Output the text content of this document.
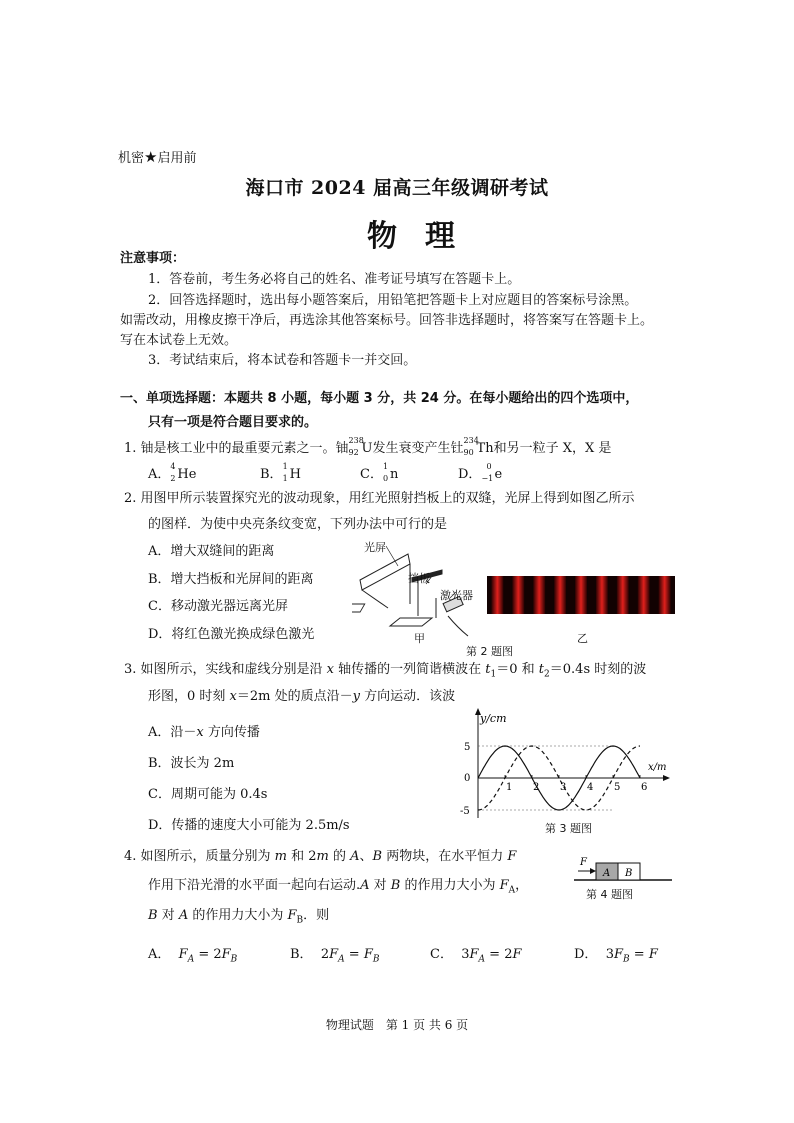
机密★启用前
海口市 2024 届高三年级调研考试
物理
注意事项：
1．答卷前，考生务必将自己的姓名、准考证号填写在答题卡上。
2．回答选择题时，选出每小题答案后，用铅笔把答题卡上对应题目的答案标号涂黑。
如需改动，用橡皮擦干净后，再选涂其他答案标号。回答非选择题时，将答案写在答题卡上。
写在本试卷上无效。
3．考试结束后，将本试卷和答题卡一并交回。
一、单项选择题：本题共 8 小题，每小题 3 分，共 24 分。在每小题给出的四个选项中，
只有一项是符合题目要求的。
1. 铀是核工业中的最重要元素之一。铀
238
92 U发生衰变产生钍
234
90 Th和另一粒子 X，X 是
A．
4
2 He	B．
1
1 H	C．
1
0 n	D．
0
−1 e
2. 用图甲所示装置探究光的波动现象，用红光照射挡板上的双缝，光屏上得到如图乙所示
的图样．为使中央亮条纹变宽，下列办法中可行的是
A．增大双缝间的距离
B．增大挡板和光屏间的距离
C．移动激光器远离光屏
D．将红色激光换成绿色激光
光屏
挡板
激光器
甲	乙
第 2 题图
3. 如图所示，实线和虚线分别是沿 x 轴传播的一列简谐横波在 $t_1=0$ 和 $t_2=0.4s$ 时刻的波
形图，0 时刻 x＝2m 处的质点沿－y 方向运动．该波
A．沿－x 方向传播
B．波长为 2m
C．周期可能为 0.4s
D．传播的速度大小可能为 2.5m/s
1 2 3 4 5 6
5
0
-5
y/cm
x/m
第 3 题图
4. 如图所示，质量分别为 m 和 2m 的 A、B 两物块，在水平恒力 F
作用下沿光滑的水平面一起向右运动.A 对 B 的作用力大小为 $F_A$，
B 对 A 的作用力大小为 $F_B$．则
F
A B
第 4 题图
A． $F_A = 2F_B$	B． $2F_A = F_B$	C． $3F_A = 2F$	D． $3F_B = F$
物理试题　第 1 页 共 6 页
